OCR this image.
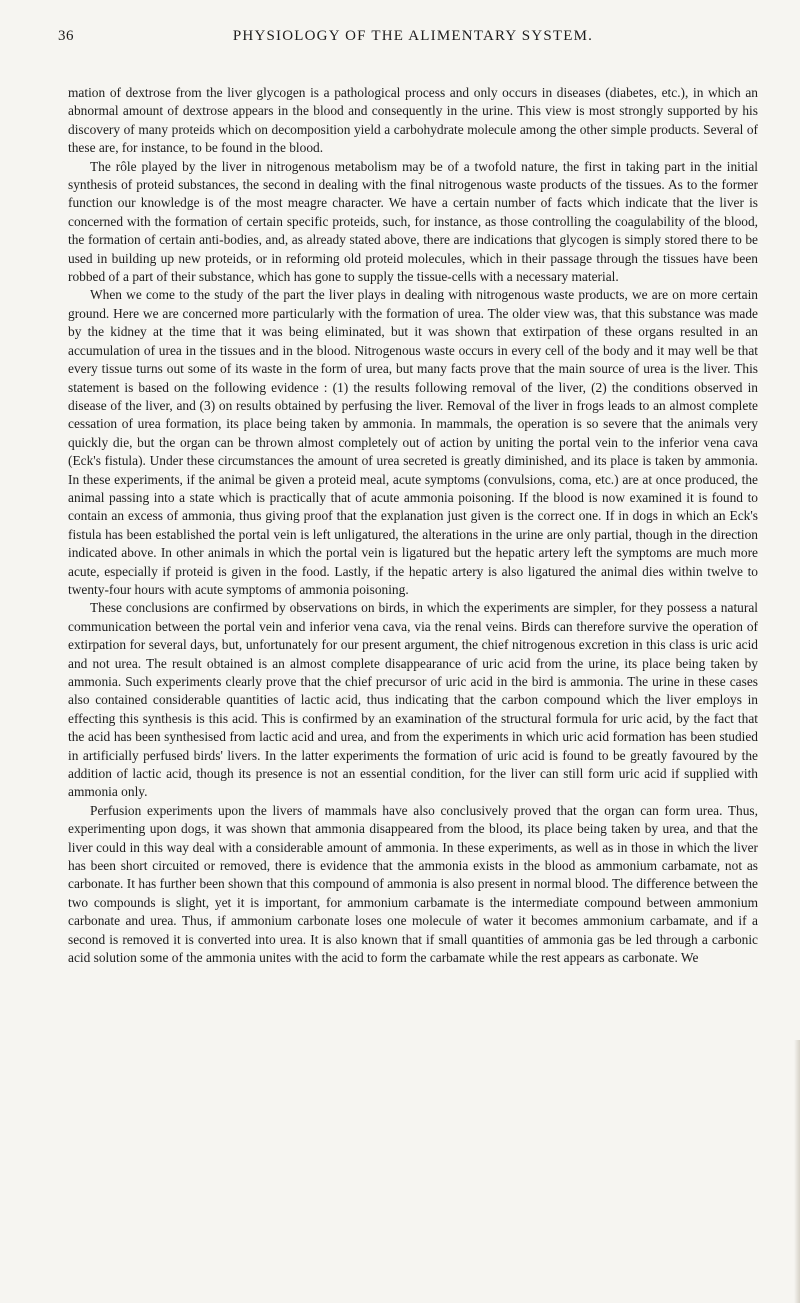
36	PHYSIOLOGY OF THE ALIMENTARY SYSTEM.

mation of dextrose from the liver glycogen is a pathological process and only occurs in diseases (diabetes, etc.), in which an abnormal amount of dextrose appears in the blood and consequently in the urine. This view is most strongly supported by his discovery of many proteids which on decomposition yield a carbohydrate molecule among the other simple products. Several of these are, for instance, to be found in the blood.

The rôle played by the liver in nitrogenous metabolism may be of a twofold nature, the first in taking part in the initial synthesis of proteid substances, the second in dealing with the final nitrogenous waste products of the tissues. As to the former function our knowledge is of the most meagre character. We have a certain number of facts which indicate that the liver is concerned with the formation of certain specific proteids, such, for instance, as those controlling the coagulability of the blood, the formation of certain anti-bodies, and, as already stated above, there are indications that glycogen is simply stored there to be used in building up new proteids, or in reforming old proteid molecules, which in their passage through the tissues have been robbed of a part of their substance, which has gone to supply the tissue-cells with a necessary material.

When we come to the study of the part the liver plays in dealing with nitrogenous waste products, we are on more certain ground. Here we are concerned more particularly with the formation of urea. The older view was, that this substance was made by the kidney at the time that it was being eliminated, but it was shown that extirpation of these organs resulted in an accumulation of urea in the tissues and in the blood. Nitrogenous waste occurs in every cell of the body and it may well be that every tissue turns out some of its waste in the form of urea, but many facts prove that the main source of urea is the liver. This statement is based on the following evidence : (1) the results following removal of the liver, (2) the conditions observed in disease of the liver, and (3) on results obtained by perfusing the liver. Removal of the liver in frogs leads to an almost complete cessation of urea formation, its place being taken by ammonia. In mammals, the operation is so severe that the animals very quickly die, but the organ can be thrown almost completely out of action by uniting the portal vein to the inferior vena cava (Eck's fistula). Under these circumstances the amount of urea secreted is greatly diminished, and its place is taken by ammonia. In these experiments, if the animal be given a proteid meal, acute symptoms (convulsions, coma, etc.) are at once produced, the animal passing into a state which is practically that of acute ammonia poisoning. If the blood is now examined it is found to contain an excess of ammonia, thus giving proof that the explanation just given is the correct one. If in dogs in which an Eck's fistula has been established the portal vein is left unligatured, the alterations in the urine are only partial, though in the direction indicated above. In other animals in which the portal vein is ligatured but the hepatic artery left the symptoms are much more acute, especially if proteid is given in the food. Lastly, if the hepatic artery is also ligatured the animal dies within twelve to twenty-four hours with acute symptoms of ammonia poisoning.

These conclusions are confirmed by observations on birds, in which the experiments are simpler, for they possess a natural communication between the portal vein and inferior vena cava, via the renal veins. Birds can therefore survive the operation of extirpation for several days, but, unfortunately for our present argument, the chief nitrogenous excretion in this class is uric acid and not urea. The result obtained is an almost complete disappearance of uric acid from the urine, its place being taken by ammonia. Such experiments clearly prove that the chief precursor of uric acid in the bird is ammonia. The urine in these cases also contained considerable quantities of lactic acid, thus indicating that the carbon compound which the liver employs in effecting this synthesis is this acid. This is confirmed by an examination of the structural formula for uric acid, by the fact that the acid has been synthesised from lactic acid and urea, and from the experiments in which uric acid formation has been studied in artificially perfused birds' livers. In the latter experiments the formation of uric acid is found to be greatly favoured by the addition of lactic acid, though its presence is not an essential condition, for the liver can still form uric acid if supplied with ammonia only.

Perfusion experiments upon the livers of mammals have also conclusively proved that the organ can form urea. Thus, experimenting upon dogs, it was shown that ammonia disappeared from the blood, its place being taken by urea, and that the liver could in this way deal with a considerable amount of ammonia. In these experiments, as well as in those in which the liver has been short circuited or removed, there is evidence that the ammonia exists in the blood as ammonium carbamate, not as carbonate. It has further been shown that this compound of ammonia is also present in normal blood. The difference between the two compounds is slight, yet it is important, for ammonium carbamate is the intermediate compound between ammonium carbonate and urea. Thus, if ammonium carbonate loses one molecule of water it becomes ammonium carbamate, and if a second is removed it is converted into urea. It is also known that if small quantities of ammonia gas be led through a carbonic acid solution some of the ammonia unites with the acid to form the carbamate while the rest appears as carbonate. We
